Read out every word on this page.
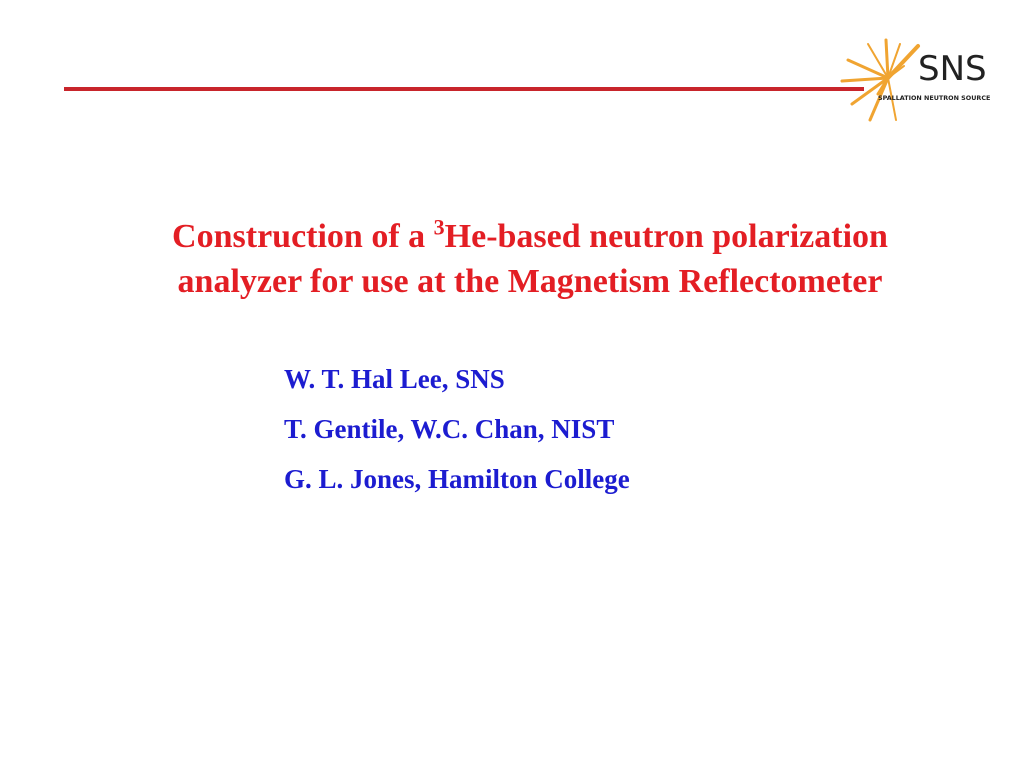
SNS
SPALLATION NEUTRON SOURCE
Construction of a $^3$He-based neutron polarization
analyzer for use at the Magnetism Reflectometer
W. T. Hal Lee, SNS
T. Gentile, W.C. Chan, NIST
G. L. Jones, Hamilton College
